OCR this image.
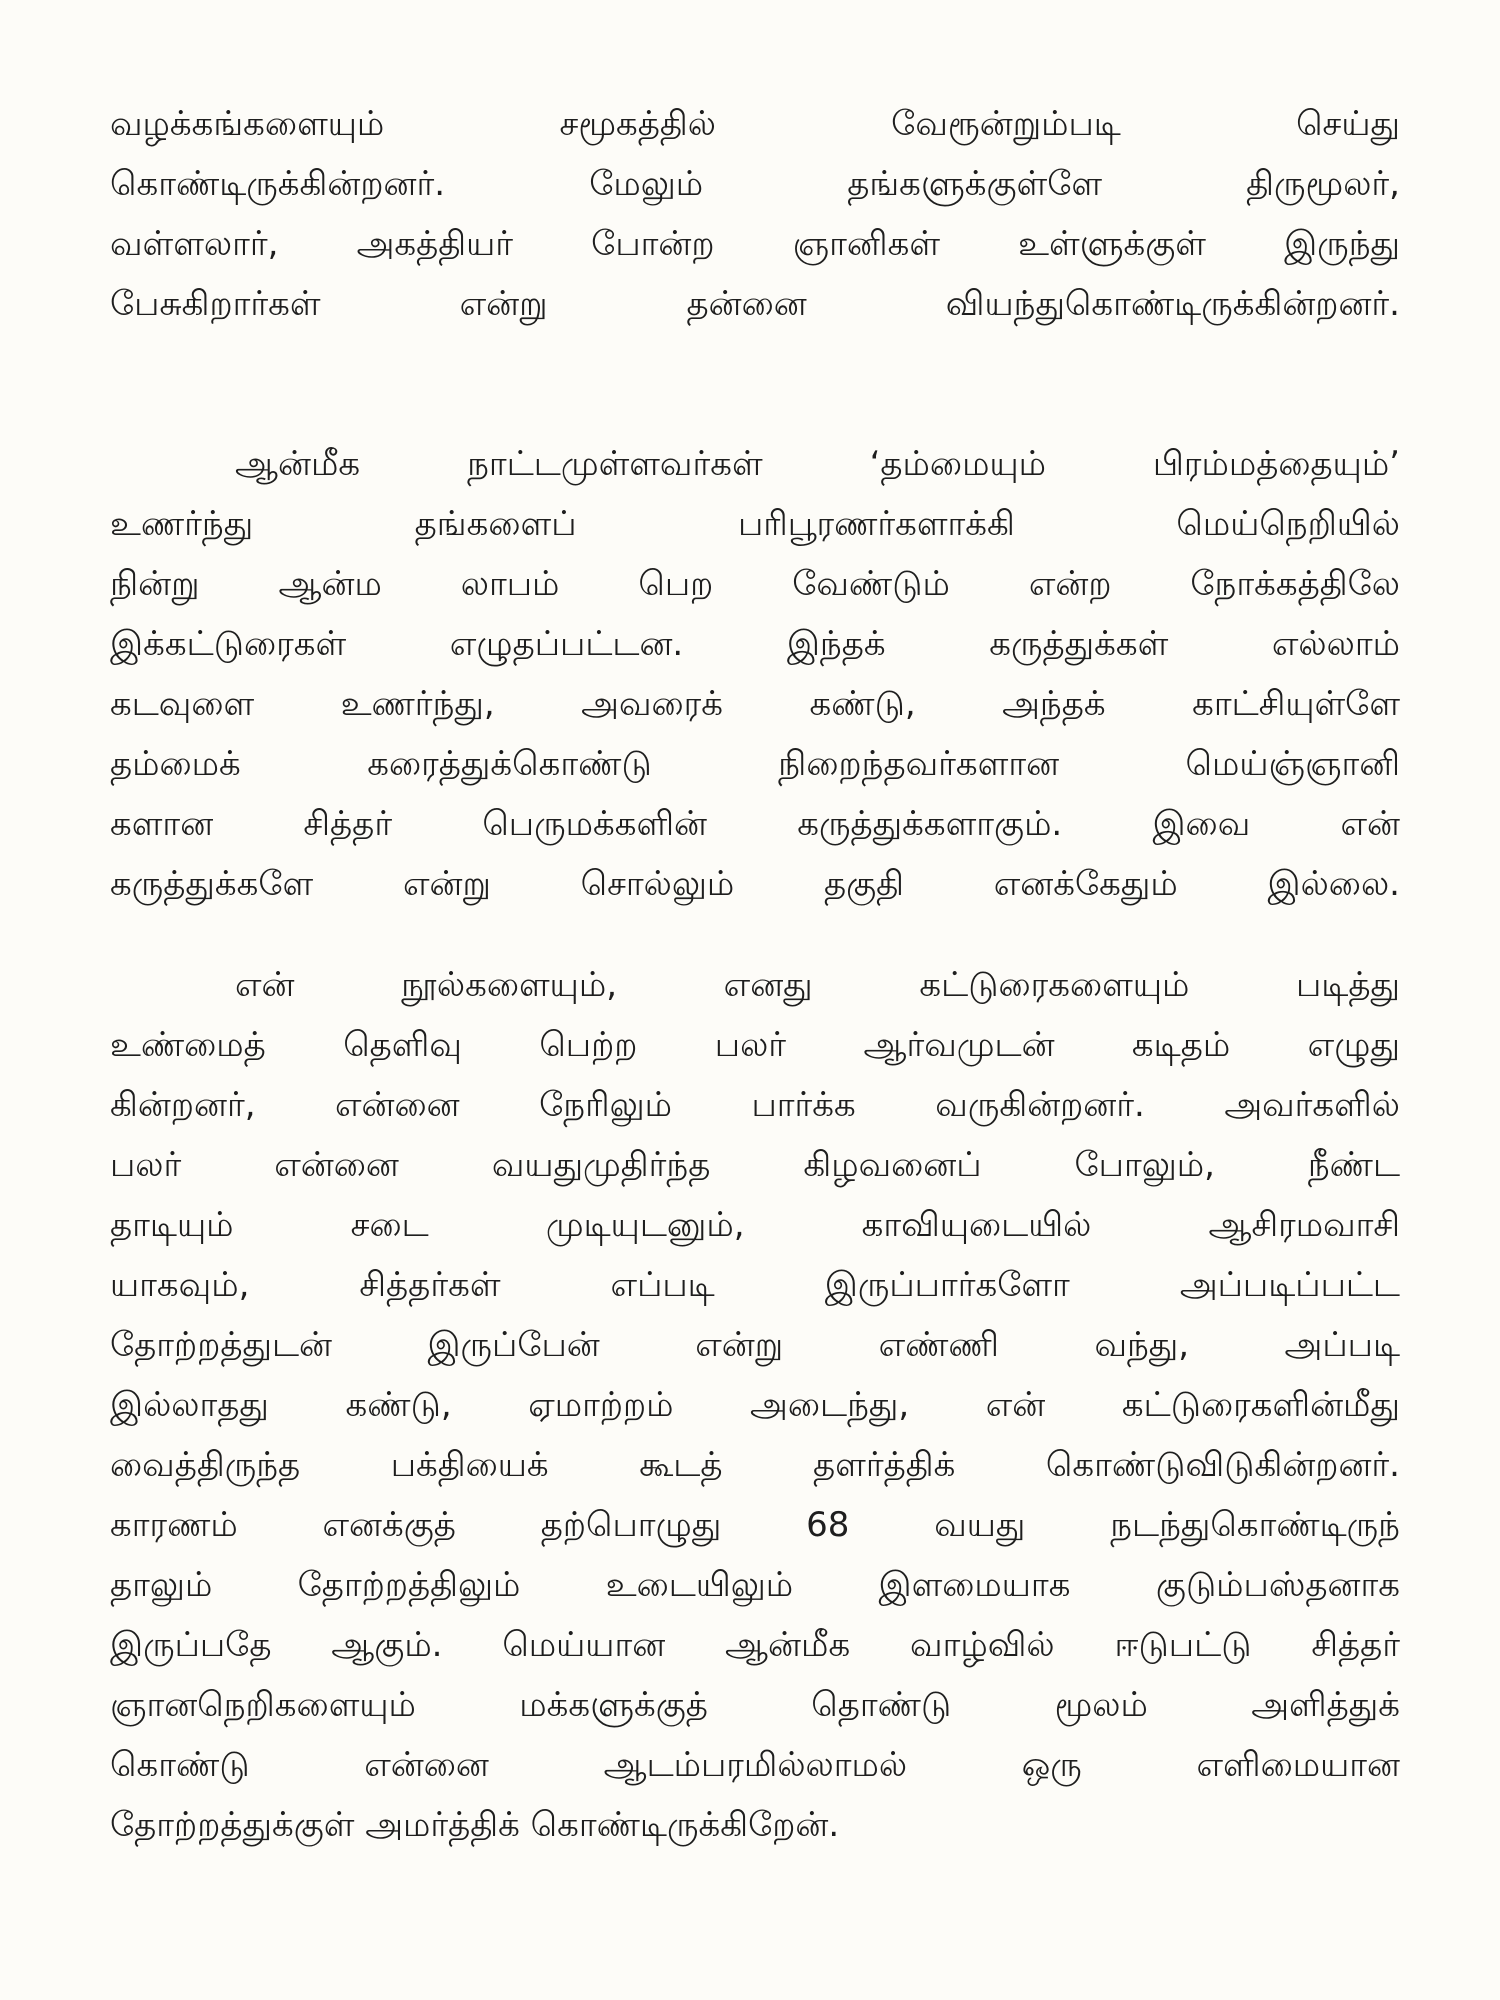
வழக்கங்களையும் சமூகத்தில் வேரூன்றும்படி செய்து
கொண்டிருக்கின்றனர். மேலும் தங்களுக்குள்ளே திருமூலர்,
வள்ளலார், அகத்தியர் போன்ற ஞானிகள் உள்ளுக்குள் இருந்து
பேசுகிறார்கள் என்று தன்னை வியந்துகொண்டிருக்கின்றனர்.
ஆன்மீக நாட்டமுள்ளவர்கள் ‘தம்மையும் பிரம்மத்தையும்’
உணர்ந்து தங்களைப் பரிபூரணர்களாக்கி மெய்நெறியில்
நின்று ஆன்ம லாபம் பெற வேண்டும் என்ற நோக்கத்திலே
இக்கட்டுரைகள் எழுதப்பட்டன. இந்தக் கருத்துக்கள் எல்லாம்
கடவுளை உணர்ந்து, அவரைக் கண்டு, அந்தக் காட்சியுள்ளே
தம்மைக் கரைத்துக்கொண்டு நிறைந்தவர்களான மெய்ஞ்ஞானி
களான சித்தர் பெருமக்களின் கருத்துக்களாகும். இவை என்
கருத்துக்களே என்று சொல்லும் தகுதி எனக்கேதும் இல்லை.
என் நூல்களையும், எனது கட்டுரைகளையும் படித்து
உண்மைத் தெளிவு பெற்ற பலர் ஆர்வமுடன் கடிதம் எழுது
கின்றனர், என்னை நேரிலும் பார்க்க வருகின்றனர். அவர்களில்
பலர் என்னை வயதுமுதிர்ந்த கிழவனைப் போலும், நீண்ட
தாடியும் சடை முடியுடனும், காவியுடையில் ஆசிரமவாசி
யாகவும், சித்தர்கள் எப்படி இருப்பார்களோ அப்படிப்பட்ட
தோற்றத்துடன் இருப்பேன் என்று எண்ணி வந்து, அப்படி
இல்லாதது கண்டு, ஏமாற்றம் அடைந்து, என் கட்டுரைகளின்மீது
வைத்திருந்த பக்தியைக் கூடத் தளர்த்திக் கொண்டுவிடுகின்றனர்.
காரணம் எனக்குத் தற்பொழுது 68 வயது நடந்துகொண்டிருந்
தாலும் தோற்றத்திலும் உடையிலும் இளமையாக குடும்பஸ்தனாக
இருப்பதே ஆகும். மெய்யான ஆன்மீக வாழ்வில் ஈடுபட்டு சித்தர்
ஞானநெறிகளையும் மக்களுக்குத் தொண்டு மூலம் அளித்துக்
கொண்டு என்னை ஆடம்பரமில்லாமல் ஒரு எளிமையான
தோற்றத்துக்குள் அமர்த்திக் கொண்டிருக்கிறேன்.
